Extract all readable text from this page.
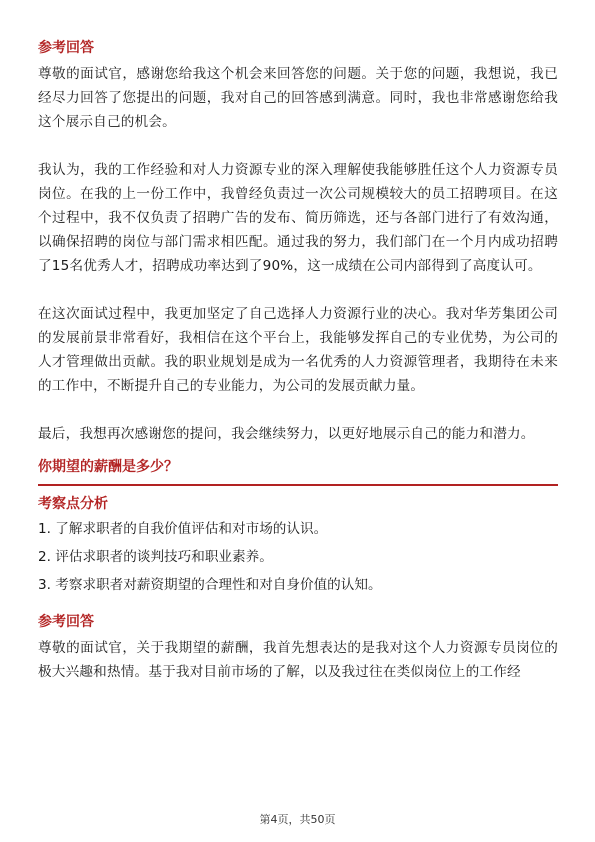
参考回答

尊敬的面试官，感谢您给我这个机会来回答您的问题。关于您的问题，我想说，我已经尽力回答了您提出的问题，我对自己的回答感到满意。同时，我也非常感谢您给我这个展示自己的机会。

我认为，我的工作经验和对人力资源专业的深入理解使我能够胜任这个人力资源专员岗位。在我的上一份工作中，我曾经负责过一次公司规模较大的员工招聘项目。在这个过程中，我不仅负责了招聘广告的发布、简历筛选，还与各部门进行了有效沟通，以确保招聘的岗位与部门需求相匹配。通过我的努力，我们部门在一个月内成功招聘了15名优秀人才，招聘成功率达到了90%，这一成绩在公司内部得到了高度认可。

在这次面试过程中，我更加坚定了自己选择人力资源行业的决心。我对华芳集团公司的发展前景非常看好，我相信在这个平台上，我能够发挥自己的专业优势，为公司的人才管理做出贡献。我的职业规划是成为一名优秀的人力资源管理者，我期待在未来的工作中，不断提升自己的专业能力，为公司的发展贡献力量。

最后，我想再次感谢您的提问，我会继续努力，以更好地展示自己的能力和潜力。

你期望的薪酬是多少？
考察点分析
1. 了解求职者的自我价值评估和对市场的认识。
2. 评估求职者的谈判技巧和职业素养。
3. 考察求职者对薪资期望的合理性和对自身价值的认知。
参考回答

尊敬的面试官，关于我期望的薪酬，我首先想表达的是我对这个人力资源专员岗位的极大兴趣和热情。基于我对目前市场的了解，以及我过往在类似岗位上的工作经

第4页，共50页
